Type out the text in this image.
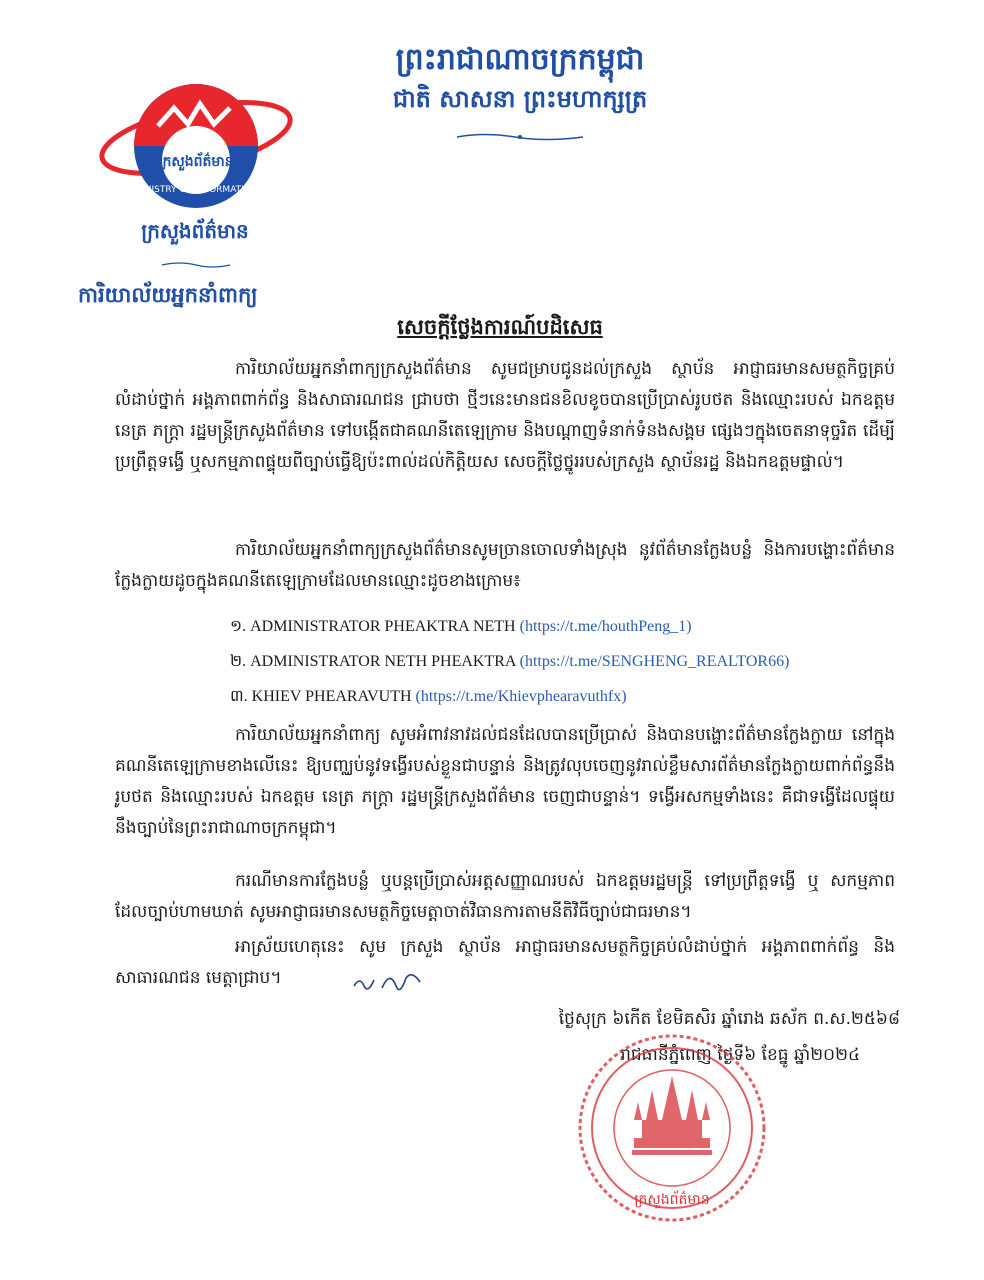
ព្រះរាជាណាចក្រកម្ពុជា
ជាតិ សាសនា ព្រះមហាក្សត្រ
ក្រសួងព័ត៌មាន
MINISTRY OF INFORMATION
ក្រសួងព័ត៌មាន
ការិយាល័យអ្នកនាំពាក្យ
សេចក្តីថ្លែងការណ៍បដិសេធ
ការិយាល័យអ្នកនាំពាក្យក្រសួងព័ត៌មាន សូមជម្រាបជូនដល់ក្រសួង ស្ថាប័ន អាជ្ញាធរមានសមត្ថកិច្ចគ្រប់លំដាប់ថ្នាក់ អង្គភាពពាក់ព័ន្ធ និងសាធារណជន ជ្រាបថា ថ្មីៗនេះមានជនខិលខូចបានប្រើប្រាស់រូបថត និងឈ្មោះរបស់ ឯកឧត្តម នេត្រ ភក្ត្រា រដ្ឋមន្ត្រីក្រសួងព័ត៌មាន ទៅបង្កើតជាគណនីតេឡេក្រាម និងបណ្តាញទំនាក់ទំនងសង្គម ផ្សេងៗក្នុងចេតនាទុច្ចរិត ដើម្បីប្រព្រឹត្តទង្វើ ឬសកម្មភាពផ្ទុយពីច្បាប់ធ្វើឱ្យប៉ះពាល់ដល់កិត្តិយស សេចក្តីថ្លៃថ្នូររបស់ក្រសួង ស្ថាប័នរដ្ឋ និងឯកឧត្តមផ្ទាល់។
ការិយាល័យអ្នកនាំពាក្យក្រសួងព័ត៌មានសូមច្រានចោលទាំងស្រុង នូវព័ត៌មានក្លែងបន្លំ និងការបង្ហោះព័ត៌មានក្លែងក្លាយដូចក្នុងគណនីតេឡេក្រាមដែលមានឈ្មោះដូចខាងក្រោម៖
១. ADMINISTRATOR PHEAKTRA NETH (https://t.me/houthPeng_1)
២. ADMINISTRATOR NETH PHEAKTRA (https://t.me/SENGHENG_REALTOR66)
៣. KHIEV PHEARAVUTH (https://t.me/Khievphearavuthfx)
ការិយាល័យអ្នកនាំពាក្យ សូមអំពាវនាវដល់ជនដែលបានប្រើប្រាស់ និងបានបង្ហោះព័ត៌មានក្លែងក្លាយ នៅក្នុងគណនីតេឡេក្រាមខាងលើនេះ ឱ្យបញ្ឈប់នូវទង្វើរបស់ខ្លួនជាបន្ទាន់ និងត្រូវលុបចេញនូវរាល់ខ្លឹមសារព័ត៌មានក្លែងក្លាយពាក់ព័ន្ធនឹងរូបថត និងឈ្មោះរបស់ ឯកឧត្តម នេត្រ ភក្ត្រា រដ្ឋមន្ត្រីក្រសួងព័ត៌មាន ចេញជាបន្ទាន់។ ទង្វើអសកម្មទាំងនេះ គឺជាទង្វើដែលផ្ទុយនឹងច្បាប់នៃព្រះរាជាណាចក្រកម្ពុជា។
ករណីមានការក្លែងបន្លំ ឬបន្តប្រើប្រាស់អត្តសញ្ញាណរបស់ ឯកឧត្តមរដ្ឋមន្ត្រី ទៅប្រព្រឹត្តទង្វើ ឬ សកម្មភាពដែលច្បាប់ហាមឃាត់ សូមអាជ្ញាធរមានសមត្ថកិច្ចមេត្តាចាត់វិធានការតាមនីតិវិធីច្បាប់ជាធរមាន។
អាស្រ័យហេតុនេះ សូម ក្រសួង ស្ថាប័ន អាជ្ញាធរមានសមត្ថកិច្ចគ្រប់លំដាប់ថ្នាក់ អង្គភាពពាក់ព័ន្ធ និងសាធារណជន មេត្តាជ្រាប។
ថ្ងៃសុក្រ ៦កើត ខែមិគសិរ ឆ្នាំរោង ឆស័ក ព.ស.២៥៦៨
រាជធានីភ្នំពេញ ថ្ងៃទី៦ ខែធ្នូ ឆ្នាំ២០២៤
ក្រសួងព័ត៌មាន
